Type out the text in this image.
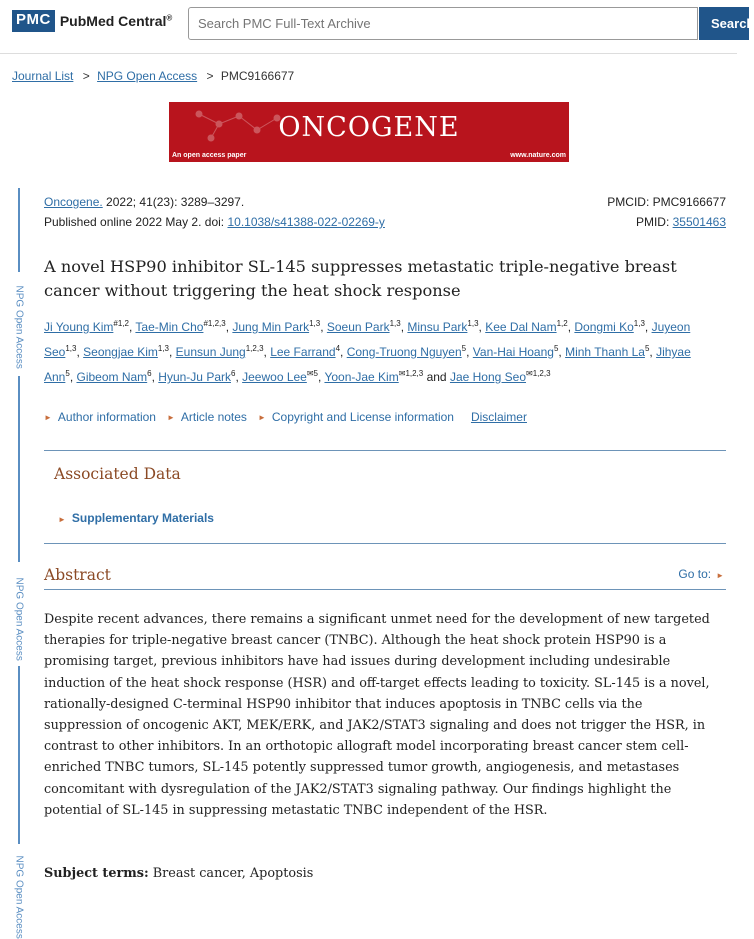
PMC PubMed Central®
Search PMC Full-Text Archive	Search
Journal List > NPG Open Access > PMC9166677
ONCOGENE
An open access paper	www.nature.com
NPG Open Access
NPG Open Access
NPG Open Access
Oncogene. 2022; 41(23): 3289–3297.
Published online 2022 May 2. doi: 10.1038/s41388-022-02269-y
PMCID: PMC9166677
PMID: 35501463
A novel HSP90 inhibitor SL-145 suppresses metastatic triple-negative breast cancer without triggering the heat shock response
Ji Young Kim$^{\#1,2}$, Tae-Min Cho$^{\#1,2,3}$, Jung Min Park$^{1,3}$, Soeun Park$^{1,3}$, Minsu Park$^{1,3}$, Kee Dal Nam$^{1,2}$, Dongmi Ko$^{1,3}$, Juyeon Seo$^{1,3}$, Seongjae Kim$^{1,3}$, Eunsun Jung$^{1,2,3}$, Lee Farrand$^4$, Cong-Truong Nguyen$^5$, Van-Hai Hoang$^5$, Minh Thanh La$^5$, Jihyae Ann$^5$, Gibeom Nam$^6$, Hyun-Ju Park$^6$, Jeewoo Lee$^{✉5}$, Yoon-Jae Kim$^{✉1,2,3}$ and Jae Hong Seo$^{✉1,2,3}$
► Author information ► Article notes ► Copyright and License information Disclaimer
Associated Data
► Supplementary Materials
Abstract	Go to: ►
Despite recent advances, there remains a significant unmet need for the development of new targeted therapies for triple-negative breast cancer (TNBC). Although the heat shock protein HSP90 is a promising target, previous inhibitors have had issues during development including undesirable induction of the heat shock response (HSR) and off-target effects leading to toxicity. SL-145 is a novel, rationally-designed C-terminal HSP90 inhibitor that induces apoptosis in TNBC cells via the suppression of oncogenic AKT, MEK/ERK, and JAK2/STAT3 signaling and does not trigger the HSR, in contrast to other inhibitors. In an orthotopic allograft model incorporating breast cancer stem cell-enriched TNBC tumors, SL-145 potently suppressed tumor growth, angiogenesis, and metastases concomitant with dysregulation of the JAK2/STAT3 signaling pathway. Our findings highlight the potential of SL-145 in suppressing metastatic TNBC independent of the HSR.
Subject terms: Breast cancer, Apoptosis
